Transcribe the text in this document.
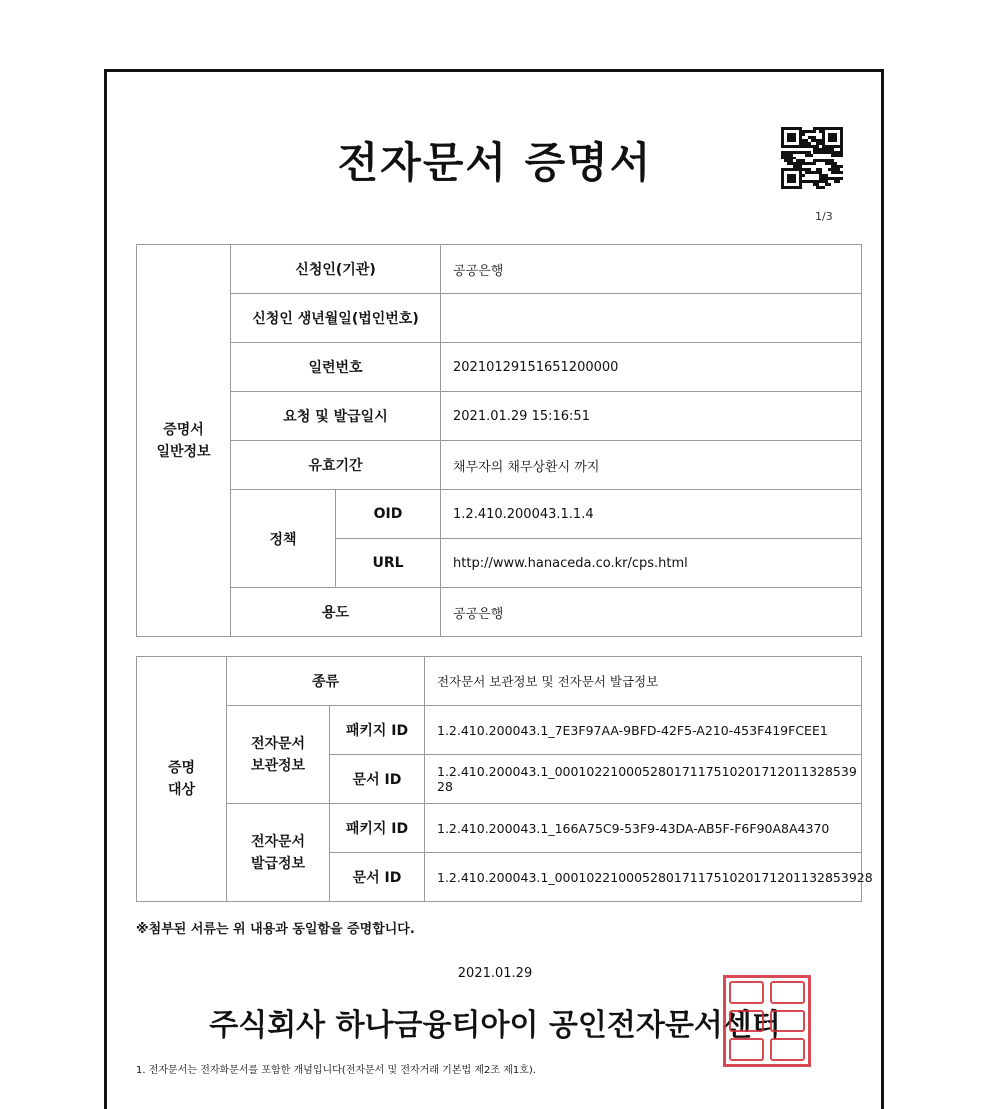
전자문서 증명서
1/3
증명서
일반정보	신청인(기관)		공공은행
	신청인 생년월일(법인번호)		
	일련번호		20210129151651200000
	요청 및 발급일시		2021.01.29 15:16:51
	유효기간		채무자의 채무상환시 까지
	정책	OID	1.2.410.200043.1.1.4
		URL	http://www.hanaceda.co.kr/cps.html
	용도		공공은행
증명
대상	종류		전자문서 보관정보 및 전자문서 발급정보

	전자문서
보관정보	패키지 ID	1.2.410.200043.1_7E3F97AA-9BFD-42F5-A210-453F419FCEE1
		문서 ID	1.2.410.200043.1_00010221000528017117510201712011328539 28

	전자문서
발급정보	패키지 ID	1.2.410.200043.1_166A75C9-53F9-43DA-AB5F-F6F90A8A4370
		문서 ID	1.2.410.200043.1_0001022100052801711751020171201132853928
※첨부된 서류는 위 내용과 동일함을 증명합니다.
2021.01.29
주식회사 하나금융티아이 공인전자문서센터
1. 전자문서는 전자화문서를 포함한 개념입니다(전자문서 및 전자거래 기본법 제2조 제1호).
